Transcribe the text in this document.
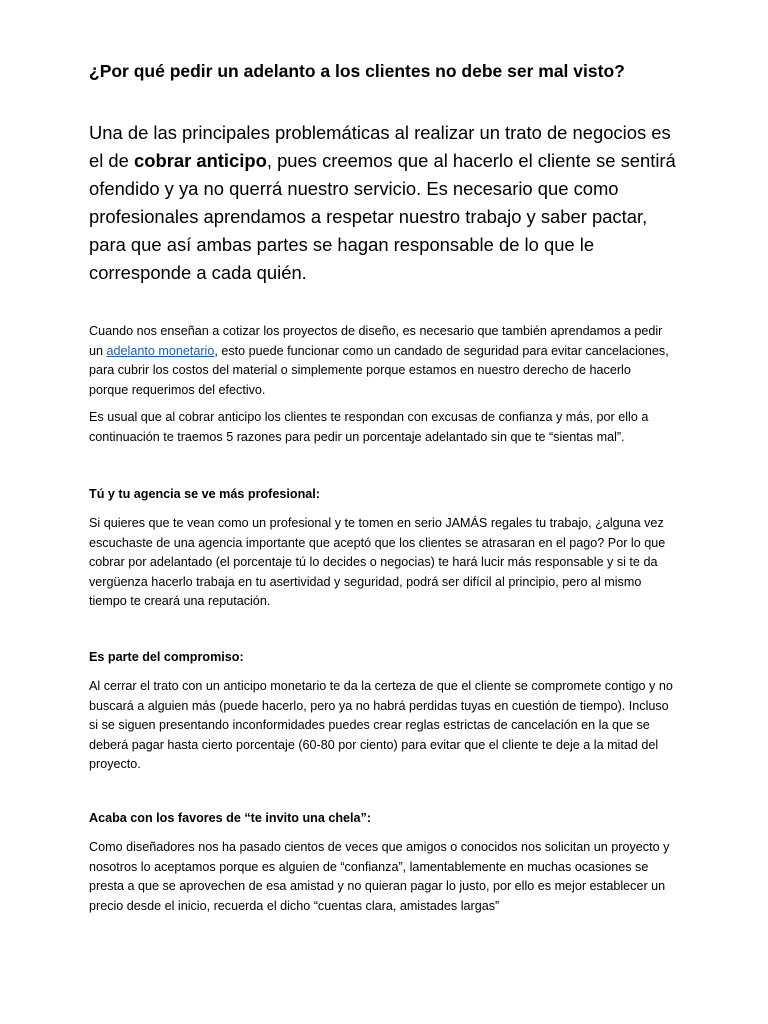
¿Por qué pedir un adelanto a los clientes no debe ser mal visto?

Una de las principales problemáticas al realizar un trato de negocios es el de cobrar anticipo, pues creemos que al hacerlo el cliente se sentirá ofendido y ya no querrá nuestro servicio. Es necesario que como profesionales aprendamos a respetar nuestro trabajo y saber pactar, para que así ambas partes se hagan responsable de lo que le corresponde a cada quién.

Cuando nos enseñan a cotizar los proyectos de diseño, es necesario que también aprendamos a pedir un adelanto monetario, esto puede funcionar como un candado de seguridad para evitar cancelaciones, para cubrir los costos del material o simplemente porque estamos en nuestro derecho de hacerlo porque requerimos del efectivo.

Es usual que al cobrar anticipo los clientes te respondan con excusas de confianza y más, por ello a continuación te traemos 5 razones para pedir un porcentaje adelantado sin que te “sientas mal”.

Tú y tu agencia se ve más profesional:

Si quieres que te vean como un profesional y te tomen en serio JAMÁS regales tu trabajo, ¿alguna vez escuchaste de una agencia importante que aceptó que los clientes se atrasaran en el pago? Por lo que cobrar por adelantado (el porcentaje tú lo decides o negocias) te hará lucir más responsable y si te da vergüenza hacerlo trabaja en tu asertividad y seguridad, podrá ser difícil al principio, pero al mismo tiempo te creará una reputación.

Es parte del compromiso:

Al cerrar el trato con un anticipo monetario te da la certeza de que el cliente se compromete contigo y no buscará a alguien más (puede hacerlo, pero ya no habrá perdidas tuyas en cuestión de tiempo). Incluso si se siguen presentando inconformidades puedes crear reglas estrictas de cancelación en la que se deberá pagar hasta cierto porcentaje (60-80 por ciento) para evitar que el cliente te deje a la mitad del proyecto.

Acaba con los favores de “te invito una chela”:

Como diseñadores nos ha pasado cientos de veces que amigos o conocidos nos solicitan un proyecto y nosotros lo aceptamos porque es alguien de “confianza”, lamentablemente en muchas ocasiones se presta a que se aprovechen de esa amistad y no quieran pagar lo justo, por ello es mejor establecer un precio desde el inicio, recuerda el dicho “cuentas clara, amistades largas”
